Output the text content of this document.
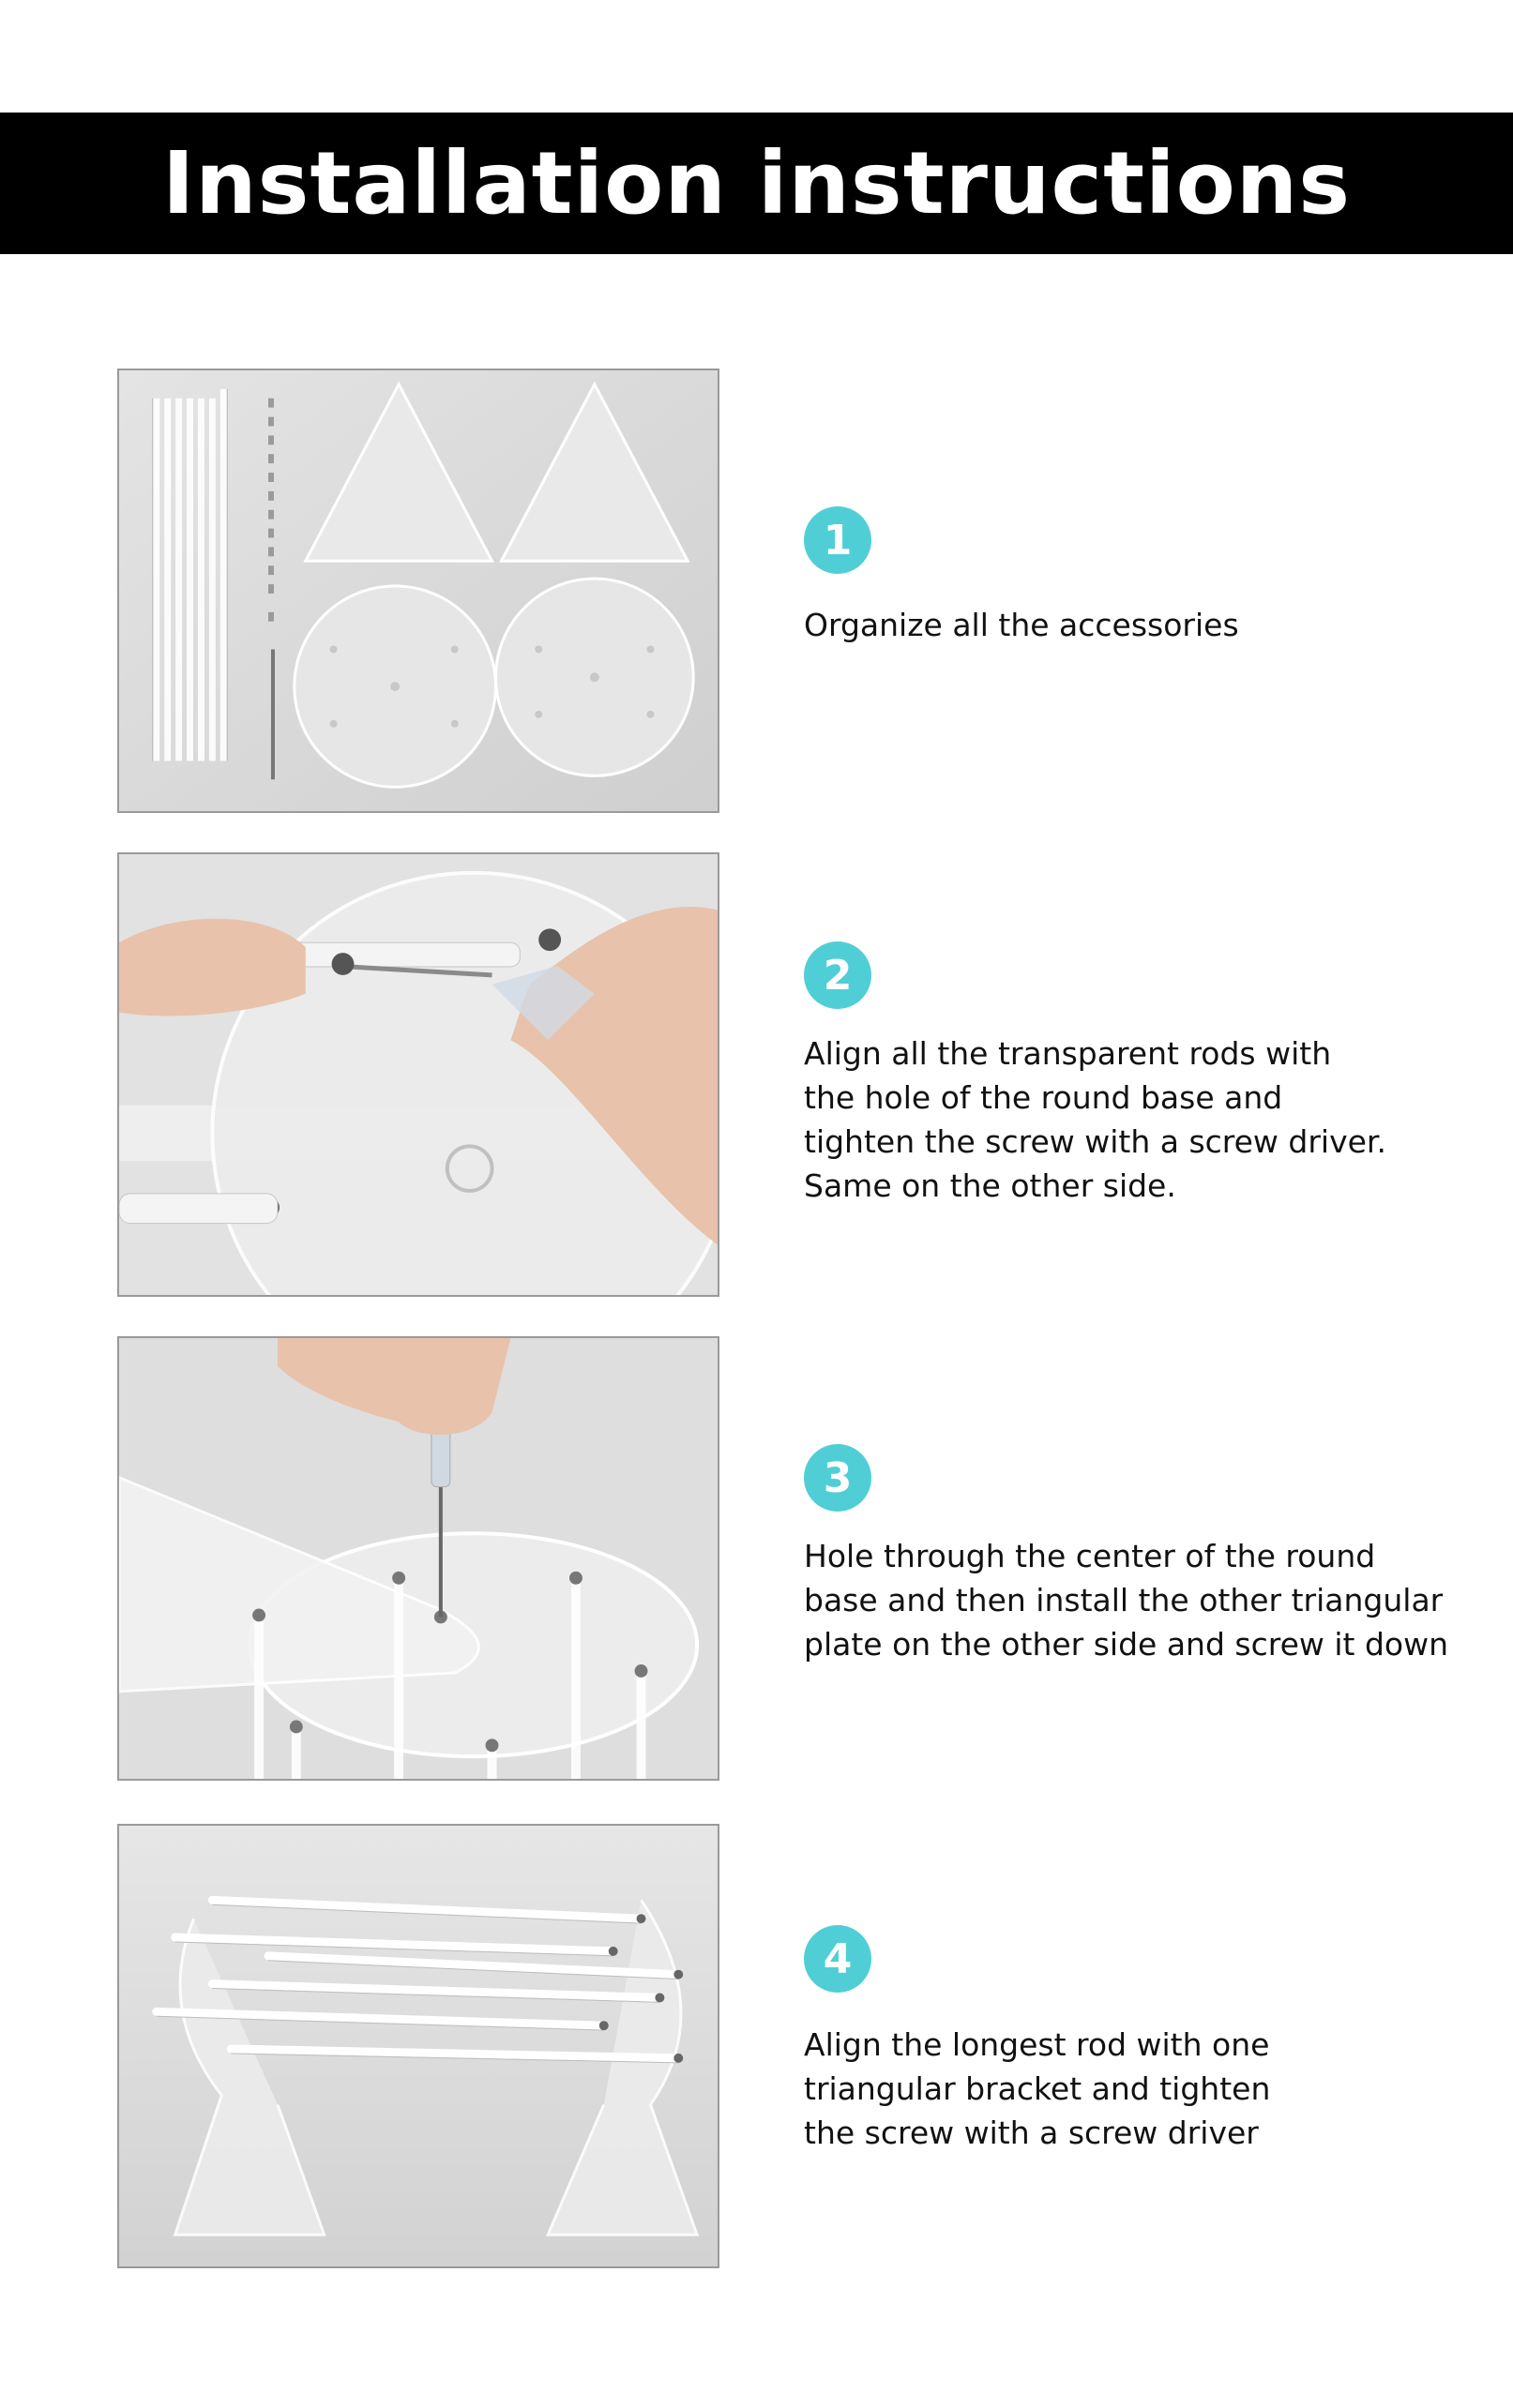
Installation instructions
1
Organize all the accessories
2
Align all the transparent rods with
the hole of the round base and
tighten the screw with a screw driver.
Same on the other side.
3
Hole through the center of the round
base and then install the other triangular
plate on the other side and screw it down
4
Align the longest rod with one
triangular bracket and tighten
the screw with a screw driver
